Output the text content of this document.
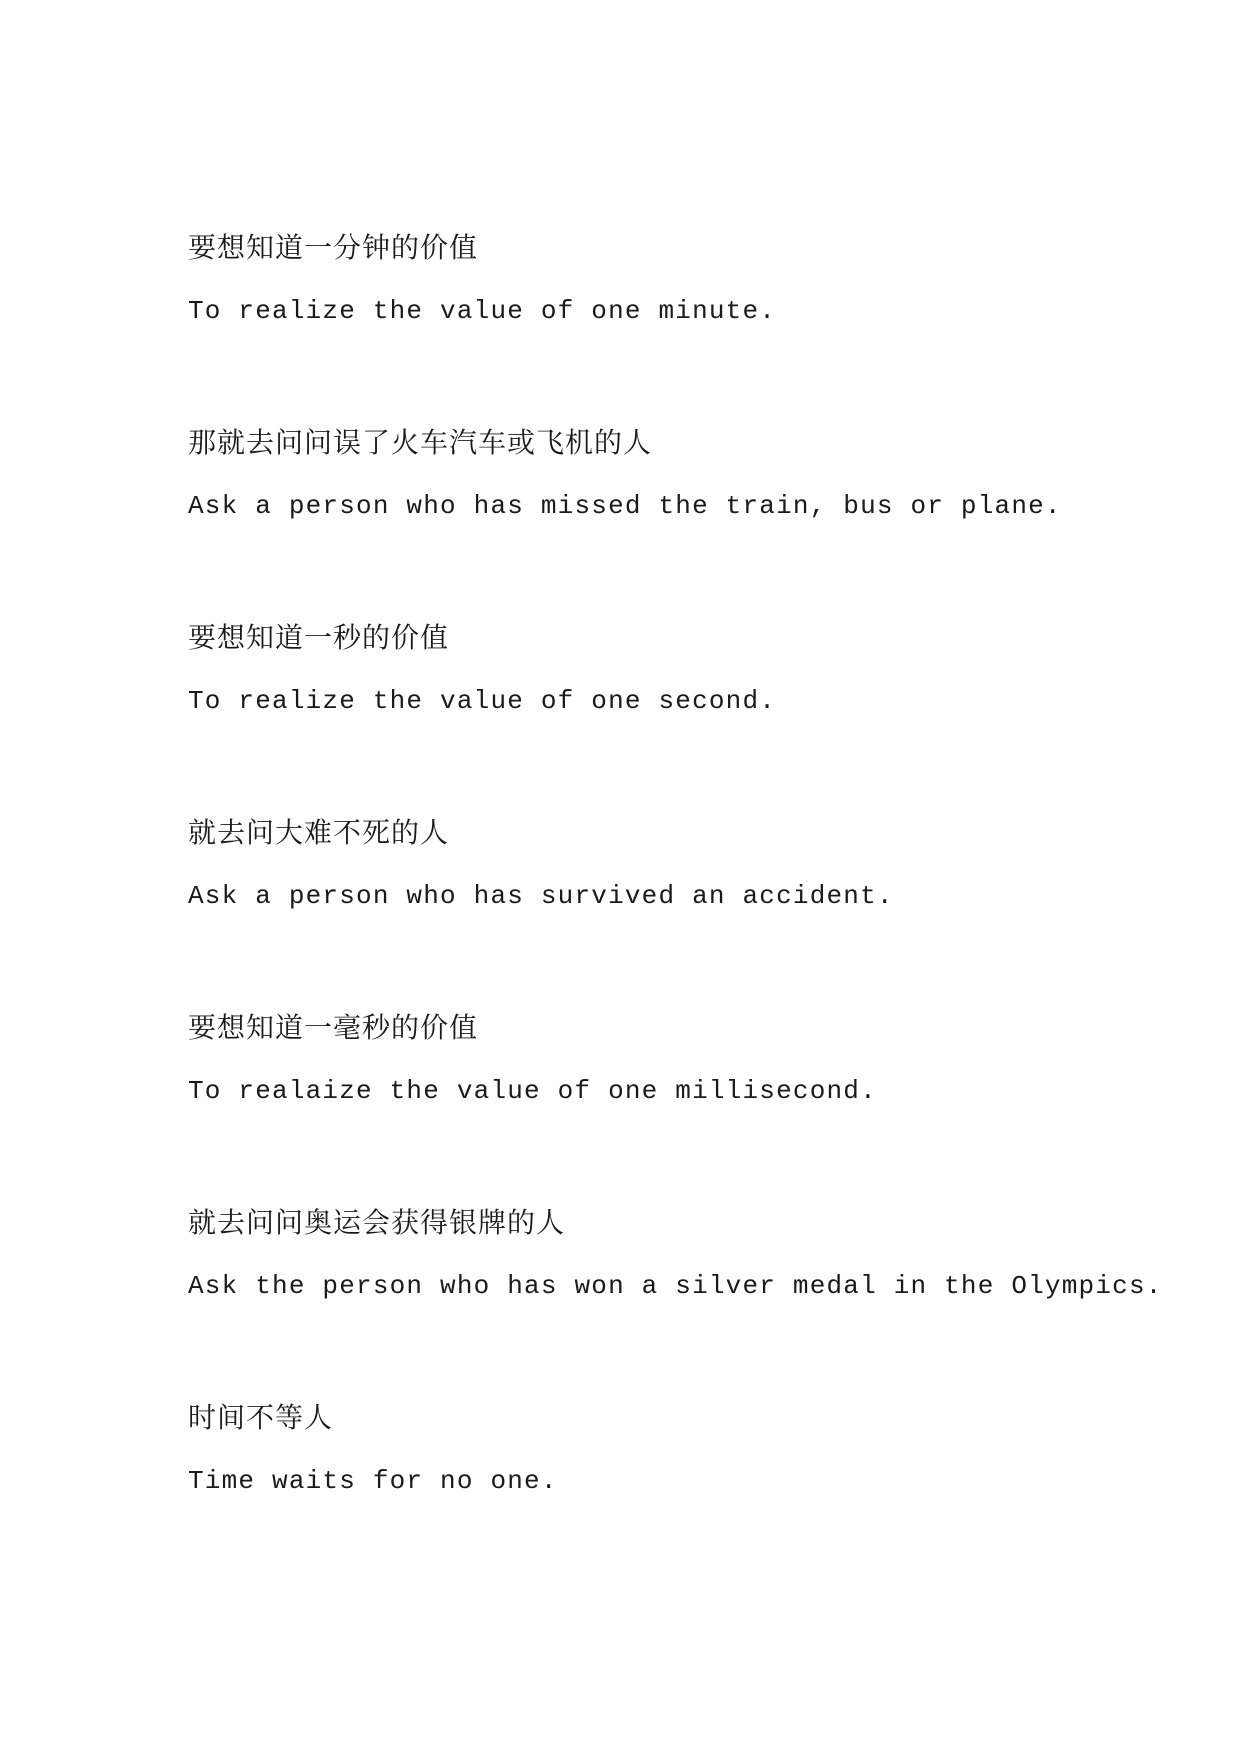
要想知道一分钟的价值
To realize the value of one minute.
那就去问问误了火车汽车或飞机的人
Ask a person who has missed the train, bus or plane.
要想知道一秒的价值
To realize the value of one second.
就去问大难不死的人
Ask a person who has survived an accident.
要想知道一毫秒的价值
To realaize the value of one millisecond.
就去问问奥运会获得银牌的人
Ask the person who has won a silver medal in the Olympics.
时间不等人
Time waits for no one.
